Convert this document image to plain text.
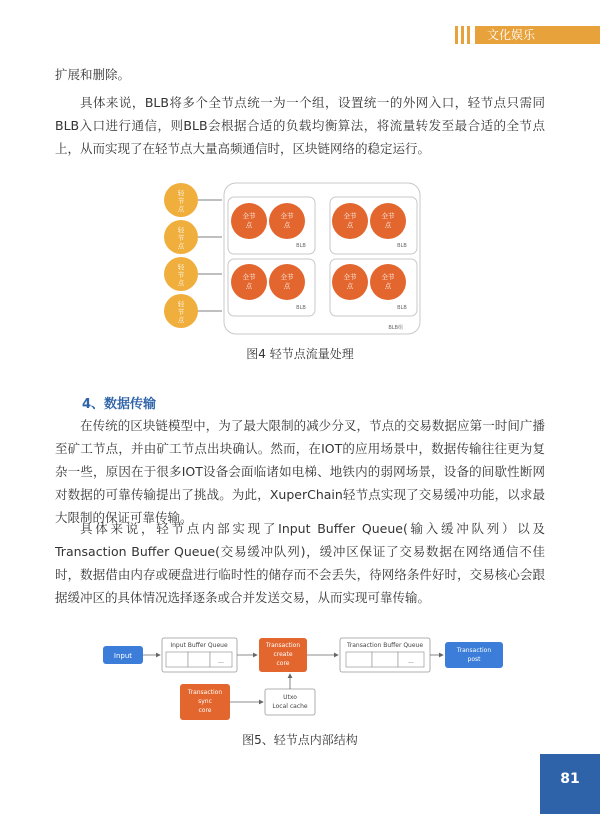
文化娱乐

扩展和删除。

具体来说，BLB将多个全节点统一为一个组，设置统一的外网入口，轻节点只需同BLB入口进行通信，则BLB会根据合适的负载均衡算法，将流量转发至最合适的全节点上，从而实现了在轻节点大量高频通信时，区块链网络的稳定运行。

轻
节
点
轻
节
点
轻
节
点
轻
节
点
BLB组
BLB	BLB
BLB	BLB
全节
点
全节
点
全节
点
全节
点
全节
点
全节
点
全节
点
全节
点
图4 轻节点流量处理
4、数据传输

在传统的区块链模型中，为了最大限制的减少分叉，节点的交易数据应第一时间广播至矿工节点，并由矿工节点出块确认。然而，在IOT的应用场景中，数据传输往往更为复杂一些，原因在于很多IOT设备会面临诸如电梯、地铁内的弱网场景，设备的间歇性断网对数据的可靠传输提出了挑战。为此，XuperChain轻节点实现了交易缓冲功能，以求最大限制的保证可靠传输。

具体来说，轻节点内部实现了Input Buffer Queue(输入缓冲队列）以及 Transaction Buffer Queue(交易缓冲队列)，缓冲区保证了交易数据在网络通信不佳时，数据借由内存或硬盘进行临时性的储存而不会丢失，待网络条件好时，交易核心会跟据缓冲区的具体情况选择逐条或合并发送交易，从而实现可靠传输。

Input
Input Buffer Queue
...
Transaction
create
core
Transaction Buffer Queue
...
Transaction
post
Transaction
sync
core
Utxo
Local cache
图5、轻节点内部结构
81
